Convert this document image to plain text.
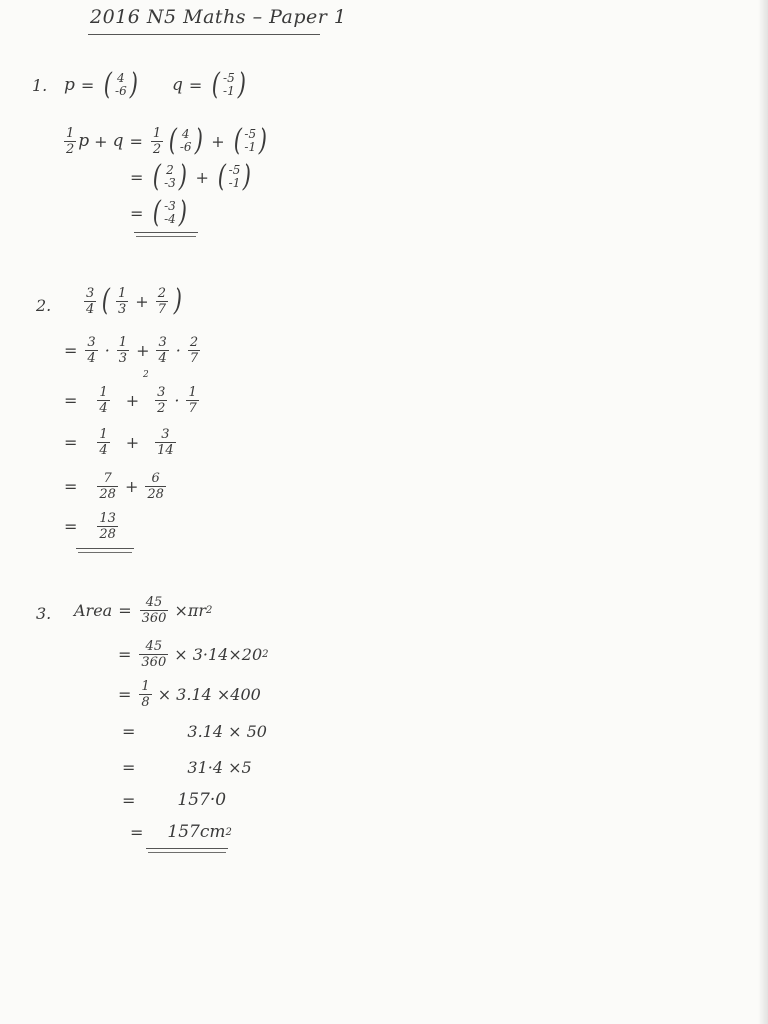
2016 N5 Maths – Paper 1
1. p = ( 4
-6 ) q = ( -5
-1 )
$\frac{1}{2}$ $p + q = \frac{1}{2}$ ( 4
-6 ) + ( -5
-1 )
= ( 2
-3 ) + ( -5
-1 )
= ( -3
-4 )
2.	$\frac{3}{4}$ ( $\frac{1}{3} + \frac{2}{7}$ )
= $\frac{3}{4} \cdot \frac{1}{3} + \frac{3}{4} \cdot \frac{2}{7}$
2
= $\frac{1}{4} + \frac{3}{2} \cdot \frac{1}{7}$
= $\frac{1}{4} + \frac{3}{14}$
= $\frac{7}{28} + \frac{6}{28}$
= $\frac{13}{28}$
3. Area = $\frac{45}{360} \times\pi r$ 2
= $\frac{45}{360} \times 3\cdot 14\times 20$ 2
= $\frac{1}{8} \times 3.14 \times 400$
=	3.14 × 50
=	31·4 ×5
= 157·0
= 157cm 2
